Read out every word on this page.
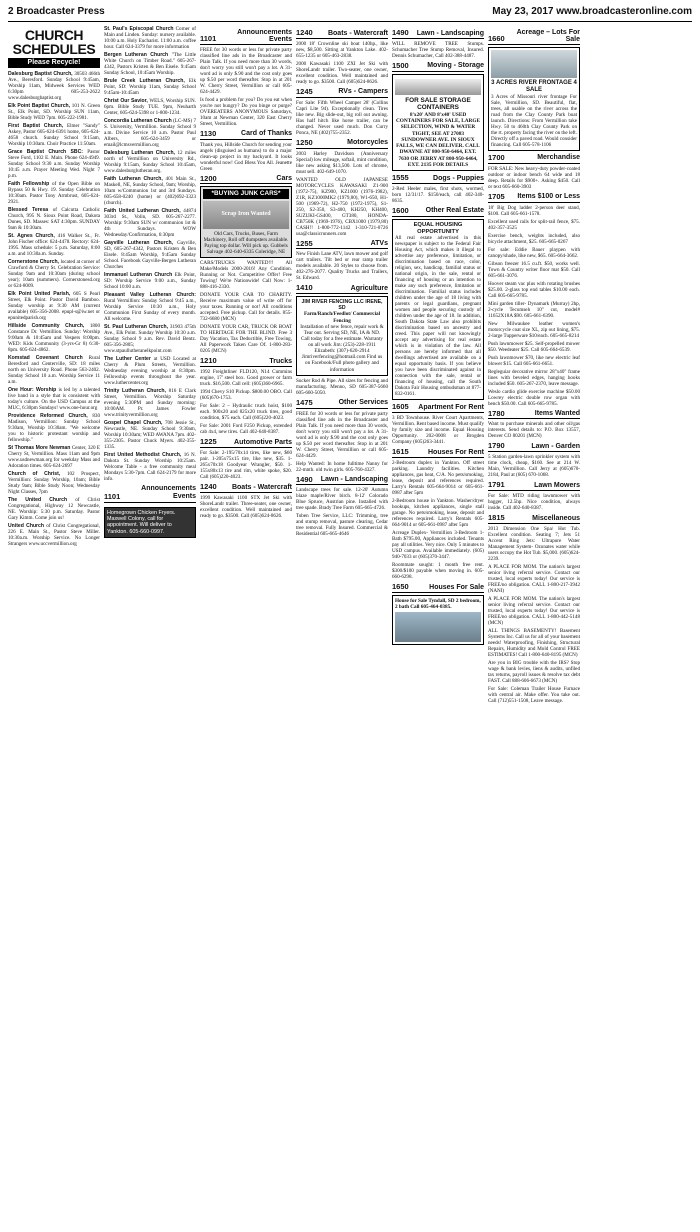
2 Broadcaster Press	May 23, 2017 www.broadcasteronline.com
CHURCH SCHEDULES
Please Recycle!
Dalesburg Baptist Church, 30503 466th Ave., Beresford. Sunday School 9:45am, Worship 11am, Midweek Services WED 6:30pm 605-253-2622 www.dalesburgbaptist.org
Elk Point Baptist Church, 101 N. Green St., Elk Point, SD. Worship SUN 11am, Bible Study WED 7pm. 605-222-1981.
First Baptist Church, Elmer "Sandy" Askey, Pastor 605-624-6391 home, 605-624-4658 church. Sunday School 9:15am, Worship 10:30am. Choir Practice 11:50am.
Grace Baptist Church SBC: Pastor Steve Ford, 1102 E. Main. Phone 624-4949. Sunday School 9:30 a.m. Sunday Worship 10:45 a.m. Prayer Meeting Wed. Night 7 p.m.
Faith Fellowship of the Open Bible on Bypass 50 & Hwy. 19. Sunday Celebration 10:30am. Pastor Tony Armbrust, 605-624-2921.
Blessed Teresa of Calcutta Catholic Church, 995 N. Sioux Point Road, Dakota Dunes, SD. Masses: SAT 4:30pm. SUNDAY 9am & 10:30am.
St. Agnes Church, 416 Walker St., Fr. John Fischer office: 624-4478. Rectory: 624-1995. Mass schedule: 5 p.m. Saturday, 8:00 a.m. and 10:30a.m. Sunday.
Cornerstone Church, located at corner of Crawford & Cherry St. Celebration Service: Sunday 9am and 10:30am (during school year); 10am (summers). Cornerstonesd.org or 624-8009.
Elk Point United Parish, 605 S Pearl Street, Elk Point. Pastor David Bamboo. Sunday worship at 9:30 AM (current available) 605-356-2008. epupl-s@iw.net or epunitedparish.org
Hillside Community Church, 1800 Constance Dr. Vermillion. Sunday: Worship 9:00am & 10:45am and Vespers 8:00pm. WED: Kids Community (3-yrs-Gr 8) 6:30-8pm. 605-624-4862.
Komstad Covenant Church Rural Beresford and Centerville, SD: 18 miles north on University Road. Phone 563-2402. Sunday School 10 a.m. Worship Service 11 a.m.
One Hour: Worship is led by a talented live band in a style that is consistent with today's culture. On the USD Campus at the MUC, 6:30pm Sundays! www.one-hour.org
Providence Reformed Church, 830 Madison, Vermillion: Sunday School 9:30am, Worship 10:30am. "We welcome you to historic protestant worship and fellowship."
St Thomas More Newman Center, 320 E Cherry St, Vermillion. Mass 11am and 9pm www.usdnewman.org for weekday Mass and Adoration times. 605-624-2697
Church of Christ, 102 Prospect, Vermillion: Sunday Worship, 10am; Bible Study 9am; Bible Study Noon; Wednesday Night Classes, 7pm
The United Church of Christ Congregational, Highway 12 Newcastle, NE. Worship: 5:30 p.m. Saturday. Pastor Gary Kimm. Come join us!
United Church of Christ Congregational, 226 E. Main St., Pastor Steve Miller. 10:30a.m. Worship Service. No Longer Strangers www.uccvermillion.org
St. Paul's Episcopal Church Corner of Main and Linden. Sunday: nursery available. 10:00 a.m. Holy Eucharist. 11:00 a.m. coffee hour. Call 624-3379 for more information
Bergen Lutheran Church "The Little White Church on Timber Road." 605-267-4342, Pastors Kristen & Ben Eisele. 9:45am Sunday School, 10:45am Worship.
Brule Creek Lutheran Church, Elk Point, SD: Worship 11am, Sunday School 9:45am-10:45am
Christ Our Savior, WELS, Worship SUN. 6pm. Bible Study TUE. 9pm, Neuharth Center, 605-624-5398 or 1-800-1234.
Concordia Lutheran Church (LC-MS) 7 S. University, Vermillion. Sunday School 9 a.m. Divine Service 10 a.m. Pastor Paul Albers, 605-624-3459 or email@lcmsvermillion.org
Dalesburg Lutheran Church, 12 miles north of Vermillion on University Rd., Worship 9:15am, Sunday School 10:45am, www.dalesburglutheran.org.
Faith Lutheran Church, 401 Main St., Maskell, NE, Sunday School, 9am; Worship, 10am w/Communion 1st and 3rd Sundays. 605-658-0240 (home) or (402)692-3323 (church).
Faith United Lutheran Church, 44874 303rd St., Volin, SD. 605-267-2277. Worship: 9:30am SUN w/ communion 1st & 4th Sundays. WOW Wednesday/Confirmation, 6:30pm
Gayville Lutheran Church, Gayville, SD, 605-267-4342, Pastors Kristen & Ben Eisele. 8:45am Worship, 9:45am Sunday School. Facebook Gayville-Bergen Lutheran Churches
Immanuel Lutheran Church Elk Point, SD: Worship Service 9:00 a.m., Sunday School 10:00 a.m.
Pleasant Valley Lutheran Church: Rural Vermillion: Sunday School 9:45 a.m., Worship Service 10:30 a.m., Holy Communion First Sunday of every month. All welcome.
St. Paul Lutheran Church, 31903 475th Ave., Elk Point. Sunday Worship 10:30 a.m. Sunday School 9 a.m. Rev. David Bentz. 605-356-2805; www.stpaullutheranelkpoint.com
The Luther Center at USD Located at Cherry & Plum Streets, Vermillion. Wednesday evening worship at 8:30pm. Fellowship events throughout the year. www.luthercenter.org
Trinity Lutheran Church, 816 E Clark Street, Vermillion. Worship Saturday evening 5:30PM and Sunday morning: 10:00AM. Pr. James Fowler www.trinityvermillion.org
Gospel Chapel Church, 708 Jessie St., Newcastle, NE. Sunday School 9:30am, Worship 10:30am; WED AWANA 7pm. 402-355-2305. Pastor Chuck Myers. 402-355-1335.
First United Methodist Church, 16 N. Dakota St. Sunday Worship 10:25am. Welcome Table - a free community meal Mondays 5:30-7pm. Call 624-2179 for more info.
1101
Announcements Events
Homegrown Chicken Fryers. Maxwell Colony, call for appointment. Will deliver to Yankton. 605-660-0997.
1101
Announcements Events
FREE for 30 words or less for private party classified line ads in the Broadcaster and Plain Talk. If you need more than 30 words, don't worry you still won't pay a lot. A 31-word ad is only $.90 and the cost only goes up $.50 per word thereafter. Stop in at 201 W. Cherry Street, Vermillion or call 605-624-4429.
Is food a problem for you? Do you eat when you're not hungry? Do you binge or purge? OVEREATERS ANONYMOUS Saturdays, 10am at Newman Center, 320 East Cherry Street, Vermillion.
1130	Card of Thanks
Thank you, Hillside Church for sending your angels (disguised as humans) to do a major clean-up project in my backyard. It looks wonderful now! God Bless You All. Jeanette Green
1200	Cars
*BUYING JUNK CARS*
Scrap Iron Wanted
Old Cars, Trucks, Buses, Farm Machinery, Roll off dumpsters available. Paying top dollar. Will pick up. Gubbels Salvage 402-640-6335 Coleridge, NE
CARS/TRUCKS WANTED!!! All Make/Models 2000-2016! Any Condition. Running or Not. Competitive Offer! Free Towing! We're Nationwide! Call Now: 1-888-416-2330.
DONATE YOUR CAR TO CHARITY. Receive maximum value of write off for your taxes. Running or not! All conditions accepted. Free pickup. Call for details. 855-732-6680 (MCN)
DONATE YOUR CAR, TRUCK OR BOAT TO HERITAGE FOR THE BLIND. Free 3 Day Vacation, Tax Deductible, Free Towing, All Paperwork Taken Care Of. 1-800-283-0205 (MCN)
1210	Trucks
1992 Freightliner FLD120, N14 Cummins engine, 17' steel box. Good grower or farm truck. $16,500. Call cell: (605)360-6965.
1994 Chevy S10 Pickup. $800.00 OBO. Call (605)670-1753.
For Sale: 2 – Hydraulic truck hoist, $100 each. 900x20 and 825x20 truck tires, good condition, $75 each. Call (605)220-4023.
For Sale: 2001 Ford F250 Pickup, extended cab 4x4, new tires. Call 402-640-8387.
1225 Automotive Parts
For Sale: 2-195/70x14 tires, like new, $60 pair. 1-205x75x15 tire, like new, $35. 1-265x70x18 Goodyear Wrangler, $50. 1-155x80x13 tire and rim, white spoke, $20. Call (605)220-4023.
1240 Boats - Watercraft
1999 Kawasaki 1100 STX Jet Ski with ShoreLandr trailer. Three-seater, one owner, excellent condition. Well maintained and ready to go. $3500. Call (605)624-8626.
1240 Boats - Watercraft
2000 18' Crownline ski boat 140hp., like new, $8,500. Sitting at Yankton Lake. 402-655-1235 or 605-463-2838.
2000 Kawasaki 1100 ZXI Jet Ski with ShoreLandr trailer. Two-seater, one owner, excellent condition. Well maintained and ready to go. $3500. Call (605)624-8626.
1245	RVs - Campers
For Sale: Fifth Wheel Camper 28' (Collins Capri Lite 94). Exceptionally clean. Tires like new. Big slide-out, big roll out awning. Has half hitch like horse trailer, can be changed. Never used much. Don Curry Ponca, NE (402)755-2352.
1250	Motorcycles
2003 Harley Davidson (Anniversary Special) low mileage, softail, mint condition, like new asking $13,500. Lots of chrome, must sell. 402-649-1070.
WANTED OLD JAPANESE MOTORCYCLES KAWASAKI Z1-900 (1972-75), KZ900, KZ1000 (1976-1982), Z1R, KZ1000MK2 (1979,80), W1-650, H1-500 (1969-72), H2-750 (1972-1975), S1-250, S2-350, S3-400, KH250, KH400, SUZUKI-GS400, GT380, HONDA-CB750K (1969-1976), CBX1000 (1979,80) CASH!! 1-800-772-1142 1-310-721-0726 usa@classicrunners.com
1255	ATVs
New Finish Lane ATV, lawn mower and golf cart trailers. Tilt bed or rear ramp trailer models available. 20 Styles to choose from. 402-276-2077. Quality Trucks and Trailers, St. Edward.
1410	Agriculture
JIM RIVER FENCING LLC IRENE, SD
Farm/Ranch/Feedlot/ Commercial Fencing
Installation of new fence, repair work & Tear out. Serving SD, NE, IA & ND. Call today for a free estimate. Warranty on all work Jim: (253)-228-1911 Elizabeth: (307)-620-2914 Jimriverfencing@hotmail.com Find us on Facebook/Full photo gallery and information
Sucker Rod & Pipe. All sizes for fencing and manufacturing. Menno, SD 605-387-5660 605-660-5050.
1475	Other Services
FREE for 30 words or less for private party classified line ads in the Broadcaster and Plain Talk. If you need more than 30 words, don't worry you still won't pay a lot. A 31-word ad is only $.90 and the cost only goes up $.50 per word thereafter. Stop in at 201 W. Cherry Street, Vermillion or call 605-624-4429.
Help Wanted: In home fulltime Nanny for 22-mnth. old twin girls. 605-760-4327.
1490 Lawn - Landscaping
Landscape trees for sale. 12-20' Autumn blaze maple/River birch. 8-12' Colorado Blue Spruce, Austrian pine. Installed with tree spade. Brady Tree Farm 605-665-4726.
Toben Tree Service, LLC: Trimming, tree and stump removal, pasture clearing, Cedar tree removal. Fully Insured. Commercial & Residential 605-665-4646
1490 Lawn - Landscaping
WILL REMOVE TREE Stumps. Schumacher Tree Stump Removal, Insured. Dennis Schumacher, Call 402-388-4487.
1500	Moving - Storage
FOR SALE STORAGE CONTAINERS

8'x20' AND 8'x40' USED CONTAINERS FOR SALE, LARGE SELECTION, WIND & WATER TIGHT, SEE AT 27083 SUNDOWNER AVE. IN SIOUX FALLS, WE CAN DELIVER. CALL DWAYNE AT 800-950-6464, EXT. 7630 OR JERRY AT 800-950-6464, EXT. 2135 FOR DETAILS

1555	Dogs - Puppies
2-Red Heeler males, first shots, wormed, born 12/31/17. $150/each, call 402-340-8635.
1600 Other Real Estate
EQUAL HOUSING OPPORTUNITY
All real estate advertised in this newspaper is subject to the Federal Fair Housing Act, which makes it illegal to advertise any preference, limitation, or discrimination based on race, color, religion, sex, handicap, familial status or national origin, in the sale, rental or financing of housing or an intention to make any such preference, limitation or discrimination. Familial status includes children under the age of 18 living with parents or legal guardians, pregnant women and people securing custody of children under the age of 18. In addition, South Dakota State Law also prohibits discrimination based on ancestry and creed. This paper will not knowingly accept any advertising for real estate which is in violation of the law. All persons are hereby informed that all dwellings advertised are available on a equal opportunity basis. If you believe you have been discriminated against in connection with the sale, rental or financing of housing, call the South Dakota Fair Housing ombudsman at 877-832-0161.
1605 Apartment For Rent
3 BD Townhouse. River Court Apartments, Vermillion. Rent based income. Must qualify by family size and income. Equal Housing Opportunity. 202-0008 or Brogden Company (605)263-3441.
1615	Houses For Rent
2-Bedroom duplex in Yankton. Off street parking. Laundry facilities. Kitchen appliances, gas heat, C/A. No pets/smoking, lease, deposit and references required. Larry's Rentals 605-664-9014 or 605-661-0987 after 5pm
2-Bedroom house in Yankton. Washer/dryer hookups, kitchen appliances, single stall garage. No pets/smoking, lease, deposit and references required. Larry's Rentals 605-664-9014 or 605-661-0987 after 5pm
Acreage Duplex- Vermillion 3-Bedroom 1-Bath $795.00, Appliances included. Tenants pay all utilities. Very nice. Only 5 minutes to USD campus. Available immediately. (605) 940-7033 or (605)370-3447.
Roommate sought: 1 month free rent. $300/$100 payable when moving in. 605-660-6298.
1650	Houses For Sale
House for Sale Tyndall, SD 2 bedroom, 2 bath Call 605-464-0385.
1660
Acreage – Lots For Sale
3 ACRES RIVER FRONTAGE 4 SALE

3 Acres of Missouri river frontage For Sale, Vermillion, SD. Beautiful, flat, trees, all usable on the river across the road from the Clay County Park boat launch. Directions: From Vermillion take Hwy. 50 to 460th Clay County Park on the rt. property facing the river on the left. Directly off a paved road. Would consider financing. Call 605-578-1106

1700	Merchandise
FOR SALE: New heavy-duty powder-coated outdoor or indoor bench 64 wide and 18 deep. Retails for $900+. Asking $450. Call or text 605-660-3903
1705 Items $100 or Less
18' Big Dog ladder 2-person deer stand, $100. Call 605-661-1578.
Excellent used rails for split-rail fence, $75. 402-357-3525
Exercise bench, weights included, also bicycle attachment, $25. 605-665-0267
For sale: Eddie Bauer playpen with canopy/shade, like new, $65. 605-664-3662.
Gibson freezer 16.5 cu.ft. $50, works well. Town & Country writer floor mat $50. Call 605-661-3076.
Hoover steam vac plus with rotating brushes $25.00. 2-glass top end tables $10.00 each. Call 605-665-9785.
Mini garden tiller- Dynamark (Murray) 2hp, 2-cycle Tecumseh 10" cut, model# 11652X18A $90. 605-661-6390.
New Milwaukee leather women's motorcycle coat size XL, zip out lining, $75. 2-large Tupperware $10/each. 605-665-8214
Push lawnmower $25. Self-propelled mower $50. Weedeater $25. Call 605-664-6539.
Push lawnmower $70, like new electric leaf blower $15. Call 605-661-6651.
Regleguiar decorative mirror 28"x40" frame lines with beveled edges, hanging hooks included $50. 605-267-2370, leave message.
Weslo cardio glide exercise machine $50.00 Lowrey electric double row organ with bench $50.00. Call 605-665-9785.
1780	Items Wanted
Want to purchase minerals and other oil/gas interests. Send details to: P.O. Box 13557, Denver CO 80201 (MCN)
1790	Lawn - Garden
5 Station garden-lawn sprinkler system with time clock, cheap, $160. See at 214 W. Main, Vermillion. Call Jerry at (605)670-2184, Paul at (605) 670-1068.
1791	Lawn Mowers
For Sale: MTD riding lawnmower with bagger, 12.5hp. Nice condition, always inside. Call 402-640-8387.
1815	Miscellaneous
2013 Dimension One Spa/ Hot Tub. Excellent condition. Seating 7; Jets 51 Accent Ring Jets: Ultrapure Water Management System- Ozonates water while users occupy the Hot Tub. $5,000. (605)624-2239.
A PLACE FOR MOM. The nation's largest senior living referral service. Contact our trusted, local experts today! Our service is FREE/no obligation. CALL 1-800-217-3942 (NANI)
A PLACE FOR MOM. The nation's largest senior living referral service. Contact our trusted, local experts today! Our service is FREE/no obligation. CALL 1-800-442-5148 (MCN)
ALL THINGS BASEMENTY! Basement Systems Inc. Call us for all of your basement needs! Waterproofing, Finishing, Structural Repairs, Humidity and Mold Control FREE ESTIMATES! Call 1-800-640-8195 (MCN)
Are you in BIG trouble with the IRS? Stop wage & bank levies, liens & audits, unfiled tax returns, payroll issues & resolve tax debt FAST. Call 888-606-6673 (MCN)
For Sale: Coleman Trailer House Furnace with central air. Make offer. You take out. Call (712)551-1508, Leave message.
